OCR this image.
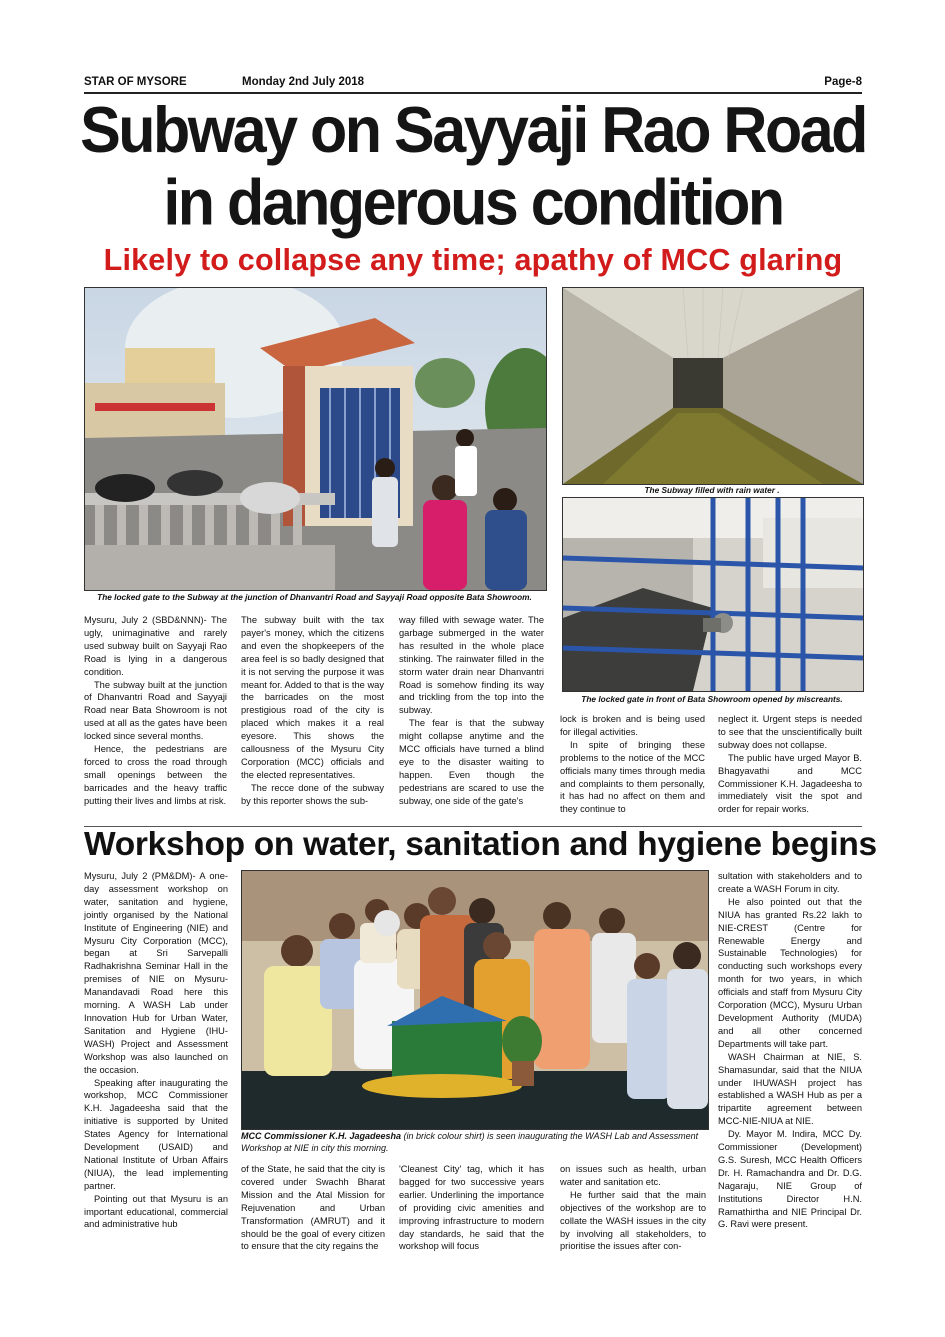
STAR OF MYSORE	Monday 2nd July 2018	Page-8
Subway on Sayyaji Rao Road
in dangerous condition
Likely to collapse any time; apathy of MCC glaring
The locked gate to the Subway at the junction of Dhanvantri Road and Sayyaji Road opposite Bata Showroom.
The Subway filled with rain water .
The locked gate in front of Bata Showroom opened by miscreants.

Mysuru, July 2 (SBD&NNN)- The ugly, unimaginative and rarely used subway built on Sayyaji Rao Road is lying in a dangerous condition.

The subway built at the junction of Dhanvantri Road and Sayyaji Road near Bata Showroom is not used at all as the gates have been locked since several months.

Hence, the pedestrians are forced to cross the road through small openings between the barricades and the heavy traffic putting their lives and limbs at risk.

The subway built with the tax payer's money, which the citizens and even the shopkeepers of the area feel is so badly designed that it is not serving the purpose it was meant for. Added to that is the way the barricades on the most prestigious road of the city is placed which makes it a real eyesore. This shows the callousness of the Mysuru City Corporation (MCC) officials and the elected representatives.

The recce done of the subway by this reporter shows the sub-

way filled with sewage water. The garbage submerged in the water has resulted in the whole place stinking. The rainwater filled in the storm water drain near Dhanvantri Road is somehow finding its way and trickling from the top into the subway.

The fear is that the subway might collapse anytime and the MCC officials have turned a blind eye to the disaster waiting to happen. Even though the pedestrians are scared to use the subway, one side of the gate's

lock is broken and is being used for illegal activities.

In spite of bringing these problems to the notice of the MCC officials many times through media and complaints to them personally, it has had no affect on them and they continue to

neglect it. Urgent steps is needed to see that the unscientifically built subway does not collapse.

The public have urged Mayor B. Bhagyavathi and MCC Commissioner K.H. Jagadeesha to immediately visit the spot and order for repair works.

Workshop on water, sanitation and hygiene begins
MCC Commissioner K.H. Jagadeesha (in brick colour shirt) is seen inaugurating the WASH Lab and Assessment Workshop at NIE in city this morning.

Mysuru, July 2 (PM&DM)- A one-day assessment workshop on water, sanitation and hygiene, jointly organised by the National Institute of Engineering (NIE) and Mysuru City Corporation (MCC), began at Sri Sarvepalli Radhakrishna Seminar Hall in the premises of NIE on Mysuru-Manandavadi Road here this morning. A WASH Lab under Innovation Hub for Urban Water, Sanitation and Hygiene (IHU-WASH) Project and Assessment Workshop was also launched on the occasion.

Speaking after inaugurating the workshop, MCC Commissioner K.H. Jagadeesha said that the initiative is supported by United States Agency for International Development (USAID) and National Institute of Urban Affairs (NIUA), the lead implementing partner.

Pointing out that Mysuru is an important educational, commercial and administrative hub

of the State, he said that the city is covered under Swachh Bharat Mission and the Atal Mission for Rejuvenation and Urban Transformation (AMRUT) and it should be the goal of every citizen to ensure that the city regains the

'Cleanest City' tag, which it has bagged for two successive years earlier. Underlining the importance of providing civic amenities and improving infrastructure to modern day standards, he said that the workshop will focus

on issues such as health, urban water and sanitation etc.

He further said that the main objectives of the workshop are to collate the WASH issues in the city by involving all stakeholders, to prioritise the issues after con-

sultation with stakeholders and to create a WASH Forum in city.

He also pointed out that the NIUA has granted Rs.22 lakh to NIE-CREST (Centre for Renewable Energy and Sustainable Technologies) for conducting such workshops every month for two years, in which officials and staff from Mysuru City Corporation (MCC), Mysuru Urban Development Authority (MUDA) and all other concerned Departments will take part.

WASH Chairman at NIE, S. Shamasundar, said that the NIUA under IHUWASH project has established a WASH Hub as per a tripartite agreement between MCC-NIE-NIUA at NIE.

Dy. Mayor M. Indira, MCC Dy. Commissioner (Development) G.S. Suresh, MCC Health Officers Dr. H. Ramachandra and Dr. D.G. Nagaraju, NIE Group of Institutions Director H.N. Ramathirtha and NIE Principal Dr. G. Ravi were present.
